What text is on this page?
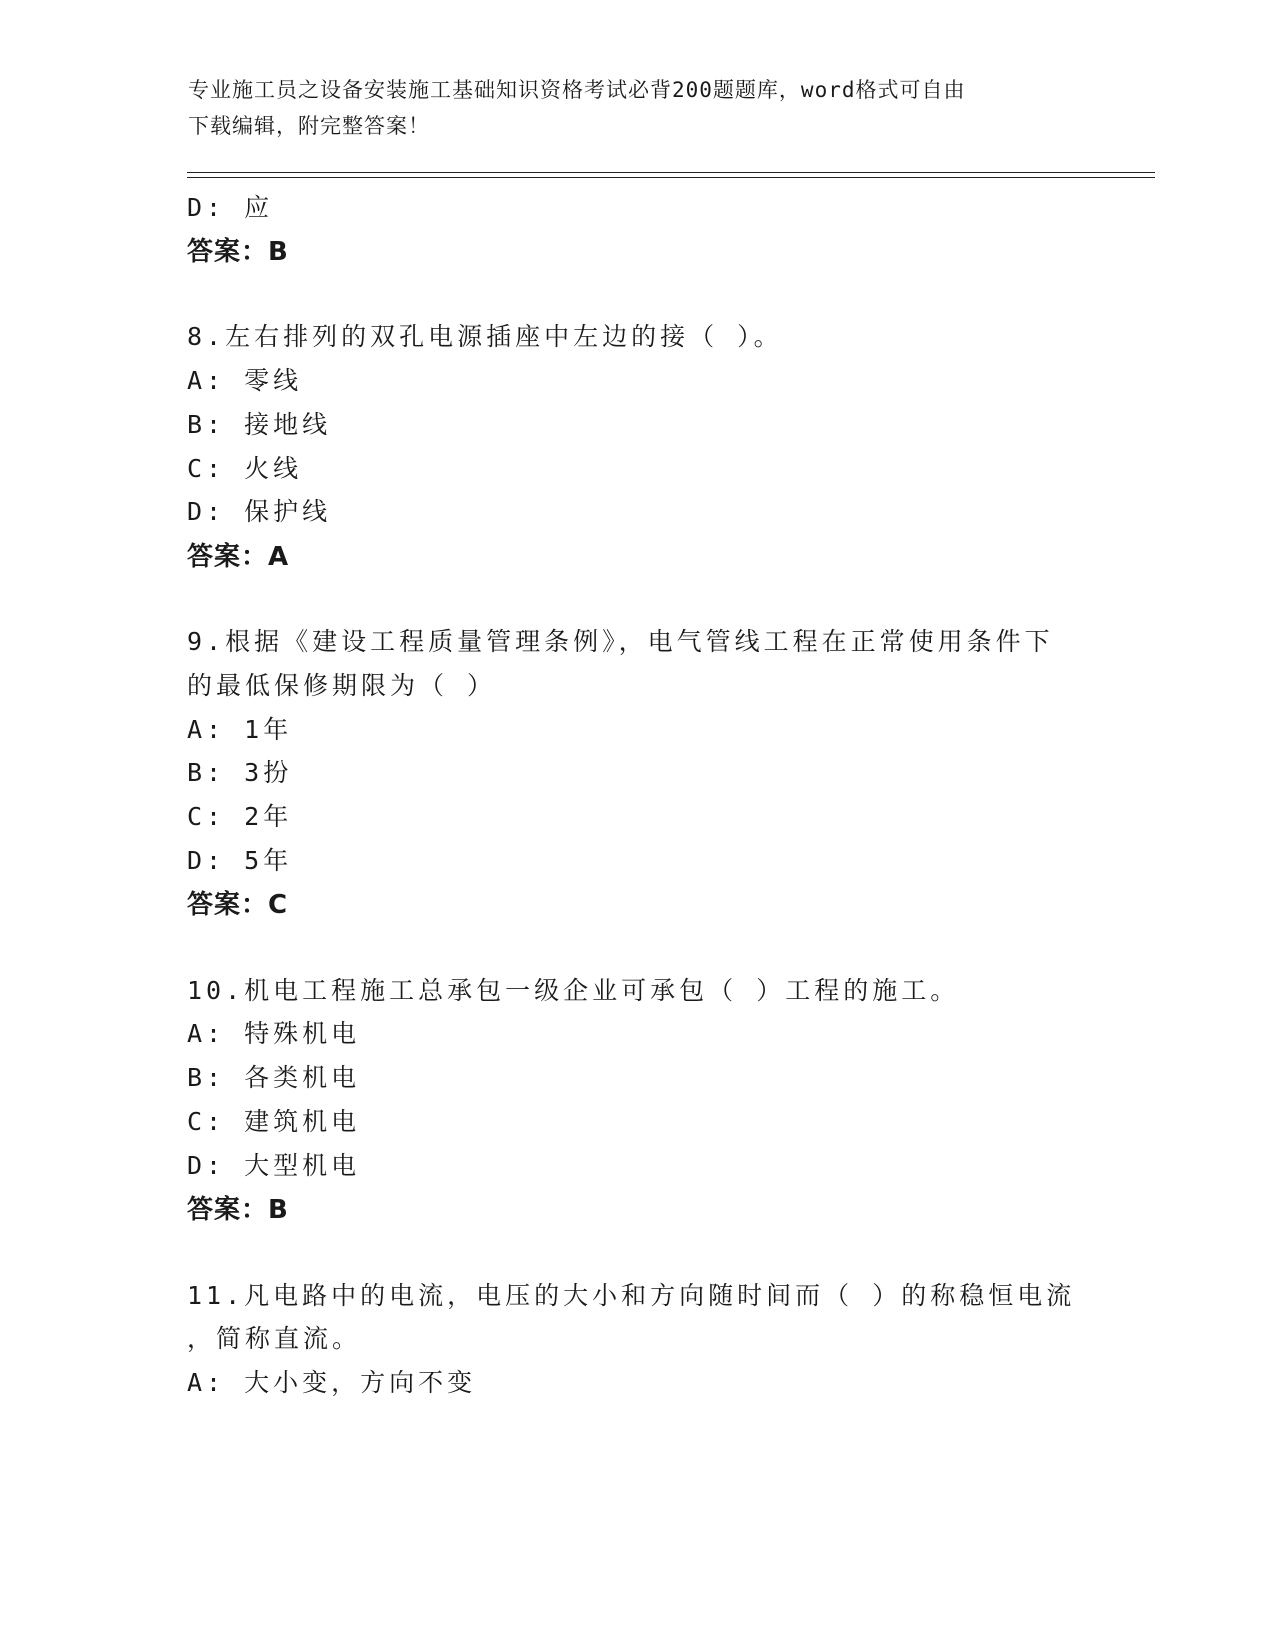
专业施工员之设备安装施工基础知识资格考试必背200题题库，word格式可自由
下载编辑，附完整答案！
D: 应
答案：B
8.左右排列的双孔电源插座中左边的接（ ）。
A: 零线
B: 接地线
C: 火线
D: 保护线
答案：A
9.根据《建设工程质量管理条例》，电气管线工程在正常使用条件下
的最低保修期限为（ ）
A: 1年
B: 3扮
C: 2年
D: 5年
答案：C
10.机电工程施工总承包一级企业可承包（ ）工程的施工。
A: 特殊机电
B: 各类机电
C: 建筑机电
D: 大型机电
答案：B
11.凡电路中的电流，电压的大小和方向随时间而（ ）的称稳恒电流
，简称直流。
A: 大小变，方向不变
